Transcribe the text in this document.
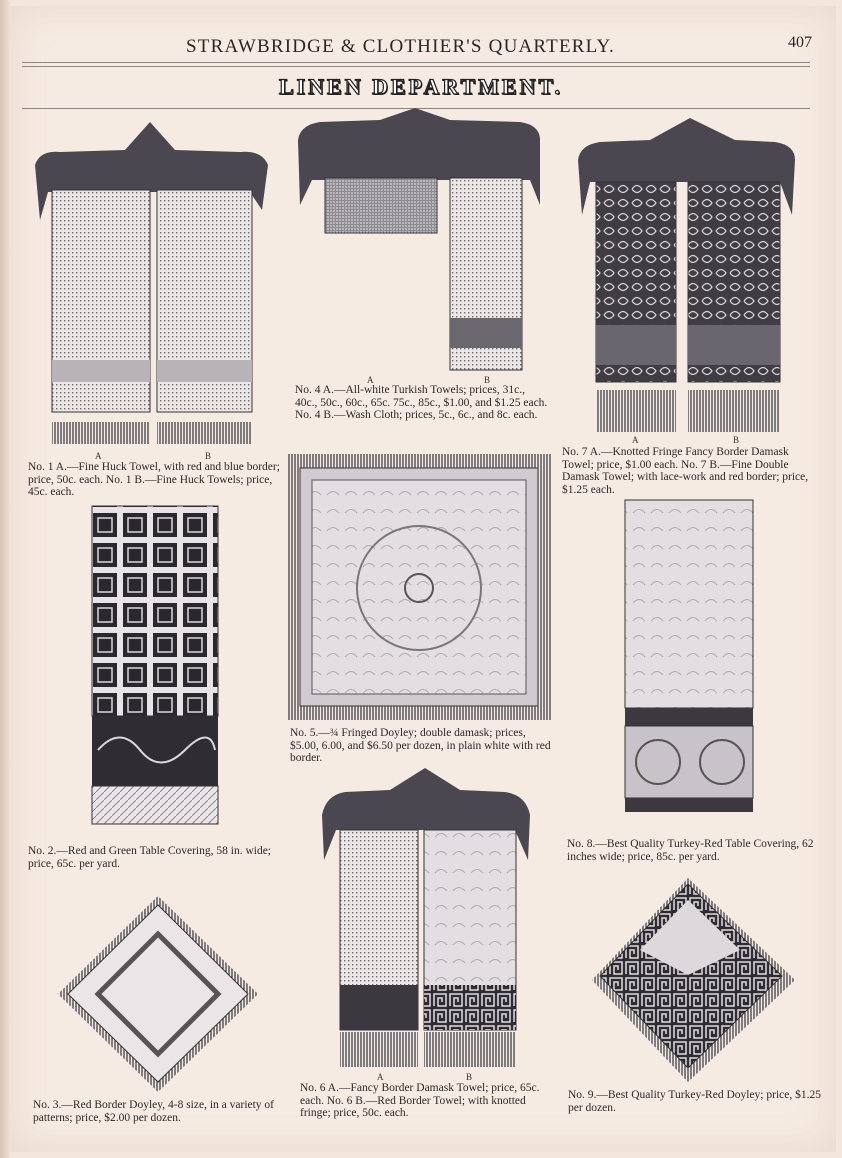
STRAWBRIDGE & CLOTHIER'S QUARTERLY.	407
LINEN DEPARTMENT.
A	B
A	B
A	B
A	B
No. 1 A.—Fine Huck Towel, with red and blue border; price, 50c. each. No. 1 B.—Fine Huck Towels; price, 45c. each.
No. 4 A.—All-white Turkish Towels; prices, 31c., 40c., 50c., 60c., 65c. 75c., 85c., $1.00, and $1.25 each. No. 4 B.—Wash Cloth; prices, 5c., 6c., and 8c. each.
No. 7 A.—Knotted Fringe Fancy Border Damask Towel; price, $1.00 each. No. 7 B.—Fine Double Damask Towel; with lace-work and red border; price, $1.25 each.
No. 2.—Red and Green Table Covering, 58 in. wide; price, 65c. per yard.
No. 5.—¾ Fringed Doyley; double damask; prices, $5.00, 6.00, and $6.50 per dozen, in plain white with red border.
No. 8.—Best Quality Turkey-Red Table Covering, 62 inches wide; price, 85c. per yard.
No. 3.—Red Border Doyley, 4-8 size, in a variety of patterns; price, $2.00 per dozen.
No. 6 A.—Fancy Border Damask Towel; price, 65c. each. No. 6 B.—Red Border Towel; with knotted fringe; price, 50c. each.
No. 9.—Best Quality Turkey-Red Doyley; price, $1.25 per dozen.
